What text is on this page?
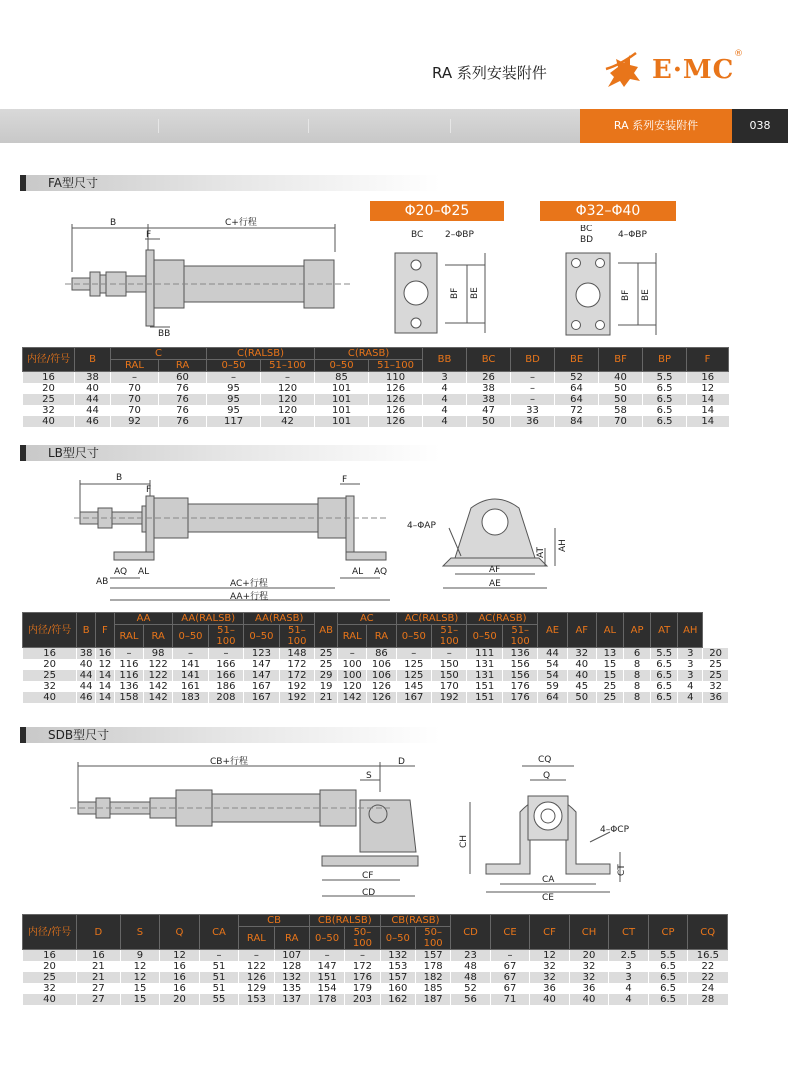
RA 系列安装附件	E·MC
®
RA 系列安装附件	038
FA型尺寸
B	C+行程
F
BB
Φ20–Φ25	Φ32–Φ40
BC 2–ΦBP
BF BE
BC
BD	4–ΦBP
BF BE
内径/符号	B	C		C(RALSB)		C(RASB)		BB	BC	BD	BE	BF	BP	F
		RAL	RA	0–50	51–100	0–50	51–100							
16	38	–	60	–	–	85	110	3	26	–	52	40	5.5	16
20	40	70	76	95	120	101	126	4	38	–	64	50	6.5	12
25	44	70	76	95	120	101	126	4	38	–	64	50	6.5	14
32	44	70	76	95	120	101	126	4	47	33	72	58	6.5	14
40	46	92	76	117	42	101	126	4	50	36	84	70	6.5	14
LB型尺寸
B
F
F
AB
AQ AL
AC+行程
AA+行程
AL AQ
4–ΦAP
AT
AH
AF
AE
内径/符号	B	F	AA		AA(RALSB)		AA(RASB)		AB	AC		AC(RALSB)		AC(RASB)		AE	AF	AL	AP	AT	AH	
			RAL	RA	0–50	51–100	0–50	51–100		RAL	RA	0–50	51–100	0–50	51–100							
16	38	16	–	98	–	–	123	148	25	–	86	–	–	111	136	44	32	13	6	5.5	3	20
20	40	12	116	122	141	166	147	172	25	100	106	125	150	131	156	54	40	15	8	6.5	3	25
25	44	14	116	122	141	166	147	172	29	100	106	125	150	131	156	54	40	15	8	6.5	3	25
32	44	14	136	142	161	186	167	192	19	120	126	145	170	151	176	59	45	25	8	6.5	4	32
40	46	14	158	142	183	208	167	192	21	142	126	167	192	151	176	64	50	25	8	6.5	4	36
SDB型尺寸
CB+行程
S
D
CF
CD
CQ
Q
CH
4–ΦCP
CT
CA
CE
内径/符号	D	S	Q	CA	CB		CB(RALSB)		CB(RASB)		CD	CE	CF	CH	CT	CP	CQ
					RAL	RA	0–50	50–100	0–50	50–100							
16	16	9	12	–	–	107	–	–	132	157	23	–	12	20	2.5	5.5	16.5
20	21	12	16	51	122	128	147	172	153	178	48	67	32	32	3	6.5	22
25	21	12	16	51	126	132	151	176	157	182	48	67	32	32	3	6.5	22
32	27	15	16	51	129	135	154	179	160	185	52	67	36	36	4	6.5	24
40	27	15	20	55	153	137	178	203	162	187	56	71	40	40	4	6.5	28
